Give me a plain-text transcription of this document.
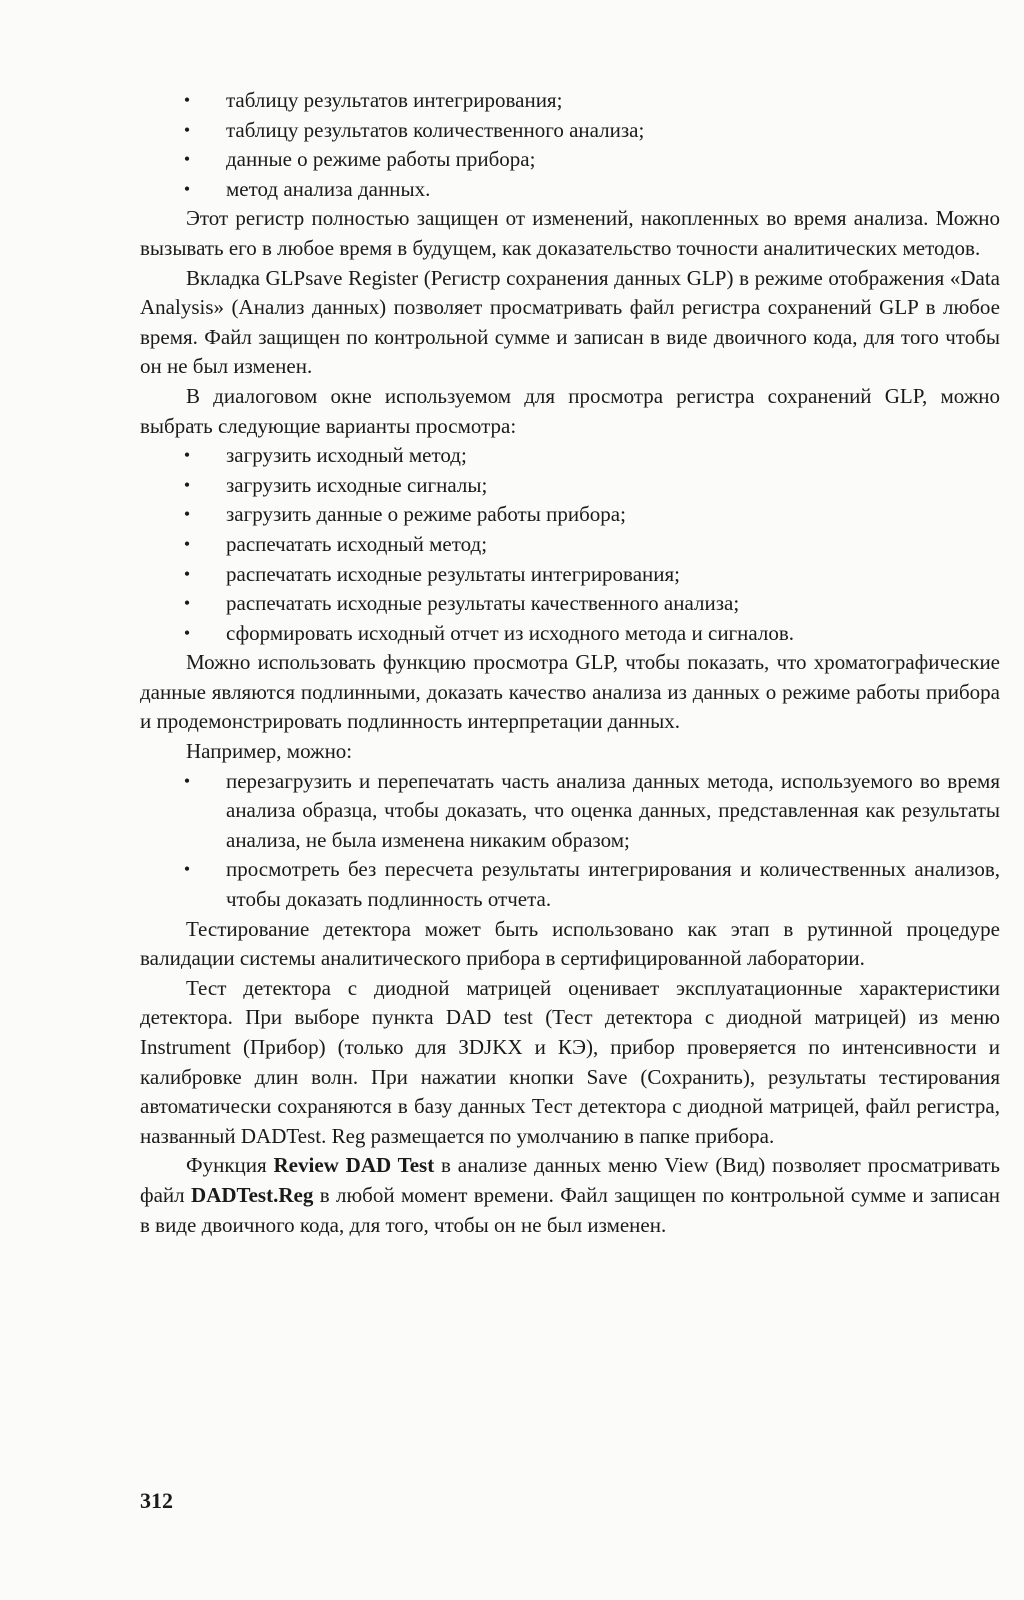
• таблицу результатов интегрирования;
• таблицу результатов количественного анализа;
• данные о режиме работы прибора;
• метод анализа данных.

Этот регистр полностью защищен от изменений, накопленных во время анализа. Можно вызывать его в любое время в будущем, как доказательство точности аналитических методов.

Вкладка GLPsave Register (Регистр сохранения данных GLP) в режиме отображения «Data Analysis» (Анализ данных) позволяет просматривать файл регистра сохранений GLP в любое время. Файл защищен по контрольной сумме и записан в виде двоичного кода, для того чтобы он не был изменен.

В диалоговом окне используемом для просмотра регистра сохранений GLP, можно выбрать следующие варианты просмотра:

• загрузить исходный метод;
• загрузить исходные сигналы;
• загрузить данные о режиме работы прибора;
• распечатать исходный метод;
• распечатать исходные результаты интегрирования;
• распечатать исходные результаты качественного анализа;
• сформировать исходный отчет из исходного метода и сигналов.

Можно использовать функцию просмотра GLP, чтобы показать, что хроматографические данные являются подлинными, доказать качество анализа из данных о режиме работы прибора и продемонстрировать подлинность интерпретации данных.

Например, можно:

• перезагрузить и перепечатать часть анализа данных метода, используемого во время анализа образца, чтобы доказать, что оценка данных, представленная как результаты анализа, не была изменена никаким образом;
• просмотреть без пересчета результаты интегрирования и количественных анализов, чтобы доказать подлинность отчета.

Тестирование детектора может быть использовано как этап в рутинной процедуре валидации системы аналитического прибора в сертифицированной лаборатории.

Тест детектора с диодной матрицей оценивает эксплуатационные характеристики детектора. При выборе пункта DAD test (Тест детектора с диодной матрицей) из меню Instrument (Прибор) (только для ЗDJKX и КЭ), прибор проверяется по интенсивности и калибровке длин волн. При нажатии кнопки Save (Сохранить), результаты тестирования автоматически сохраняются в базу данных Тест детектора с диодной матрицей, файл регистра, названный DADTest. Reg размещается по умолчанию в папке прибора.

Функция Review DAD Test в анализе данных меню View (Вид) позволяет просматривать файл DADTest.Reg в любой момент времени. Файл защищен по контрольной сумме и записан в виде двоичного кода, для того, чтобы он не был изменен.

312
